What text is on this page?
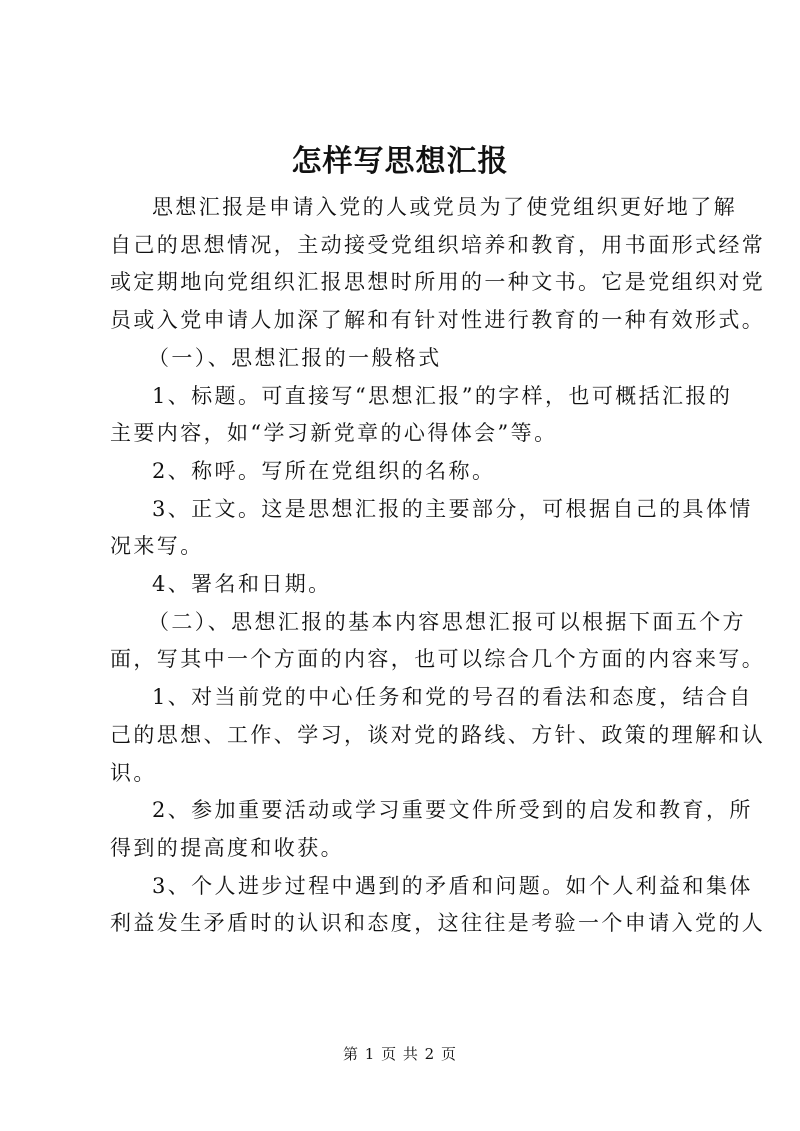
怎样写思想汇报

思想汇报是申请入党的人或党员为了使党组织更好地了解
自己的思想情况，主动接受党组织培养和教育，用书面形式经常
或定期地向党组织汇报思想时所用的一种文书。它是党组织对党
员或入党申请人加深了解和有针对性进行教育的一种有效形式。

（一）、思想汇报的一般格式

1、标题。可直接写“思想汇报”的字样，也可概括汇报的
主要内容，如“学习新党章的心得体会”等。

2、称呼。写所在党组织的名称。

3、正文。这是思想汇报的主要部分，可根据自己的具体情
况来写。

4、署名和日期。

（二）、思想汇报的基本内容思想汇报可以根据下面五个方
面，写其中一个方面的内容，也可以综合几个方面的内容来写。

1、对当前党的中心任务和党的号召的看法和态度，结合自
己的思想、工作、学习，谈对党的路线、方针、政策的理解和认
识。

2、参加重要活动或学习重要文件所受到的启发和教育，所
得到的提高度和收获。

3、个人进步过程中遇到的矛盾和问题。如个人利益和集体
利益发生矛盾时的认识和态度，这往往是考验一个申请入党的人

第 1 页 共 2 页
